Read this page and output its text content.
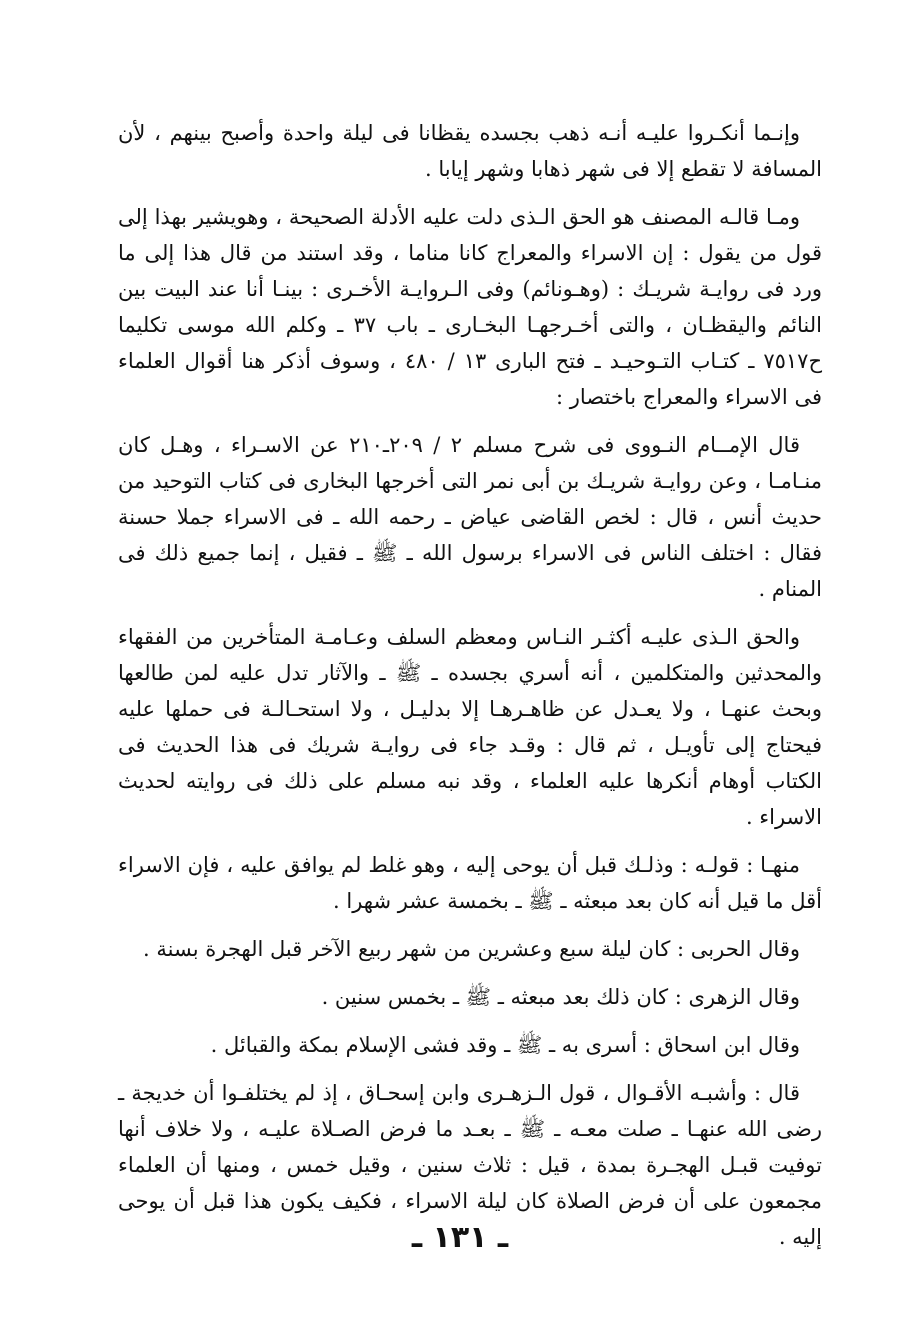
وإنـما أنكـروا عليـه أنـه ذهب بجسده يقظانا فى ليلة واحدة وأصبح بينهم ، لأن المسافة لا تقطع إلا فى شهر ذهابا وشهر إيابا .

ومـا قالـه المصنف هو الحق الـذى دلت عليه الأدلة الصحيحة ، وهويشير بهذا إلى قول من يقول : إن الاسراء والمعراج كانا مناما ، وقد استند من قال هذا إلى ما ورد فى روايـة شريـك : (وهـونائم) وفى الـروايـة الأخـرى : بينـا أنا عند البيت بين النائم واليقظـان ، والتى أخـرجهـا البخـارى ـ باب ٣٧ ـ وكلم الله موسى تكليما ح٧٥١٧ ـ كتـاب التـوحيـد ـ فتح البارى ١٣ / ٤٨٠ ، وسوف أذكر هنا أقوال العلماء فى الاسراء والمعراج باختصار :

قال الإمــام النـووى فى شرح مسلم ٢ / ٢٠٩ـ٢١٠ عن الاسـراء ، وهـل كان منـامـا ، وعن روايـة شريـك بن أبى نمر التى أخرجها البخارى فى كتاب التوحيد من حديث أنس ، قال : لخص القاضى عياض ـ رحمه الله ـ فى الاسراء جملا حسنة فقال : اختلف الناس فى الاسراء برسول الله ـ ﷺ ـ فقيل ، إنما جميع ذلك فى المنام .

والحق الـذى عليـه أكثـر النـاس ومعظم السلف وعـامـة المتأخرين من الفقهاء والمحدثين والمتكلمين ، أنه أسري بجسده ـ ﷺ ـ والآثار تدل عليه لمن طالعها وبحث عنهـا ، ولا يعـدل عن ظاهـرهـا إلا بدليـل ، ولا استحـالـة فى حملها عليه فيحتاج إلى تأويـل ، ثم قال : وقـد جاء فى روايـة شريك فى هذا الحديث فى الكتاب أوهام أنكرها عليه العلماء ، وقد نبه مسلم على ذلك فى روايته لحديث الاسراء .

منهـا : قولـه : وذلـك قبل أن يوحى إليه ، وهو غلط لم يوافق عليه ، فإن الاسراء أقل ما قيل أنه كان بعد مبعثه ـ ﷺ ـ بخمسة عشر شهرا .

وقال الحربى : كان ليلة سبع وعشرين من شهر ربيع الآخر قبل الهجرة بسنة .

وقال الزهرى : كان ذلك بعد مبعثه ـ ﷺ ـ بخمس سنين .

وقال ابن اسحاق : أسرى به ـ ﷺ ـ وقد فشى الإسلام بمكة والقبائل .

قال : وأشبـه الأقـوال ، قول الـزهـرى وابن إسحـاق ، إذ لم يختلفـوا أن خديجة ـ رضى الله عنهـا ـ صلت معـه ـ ﷺ ـ بعـد ما فرض الصـلاة عليـه ، ولا خلاف أنها توفيت قبـل الهجـرة بمدة ، قيل : ثلاث سنين ، وقيل خمس ، ومنها أن العلماء مجمعون على أن فرض الصلاة كان ليلة الاسراء ، فكيف يكون هذا قبل أن يوحى إليه .

ـ ١٣١ ـ
